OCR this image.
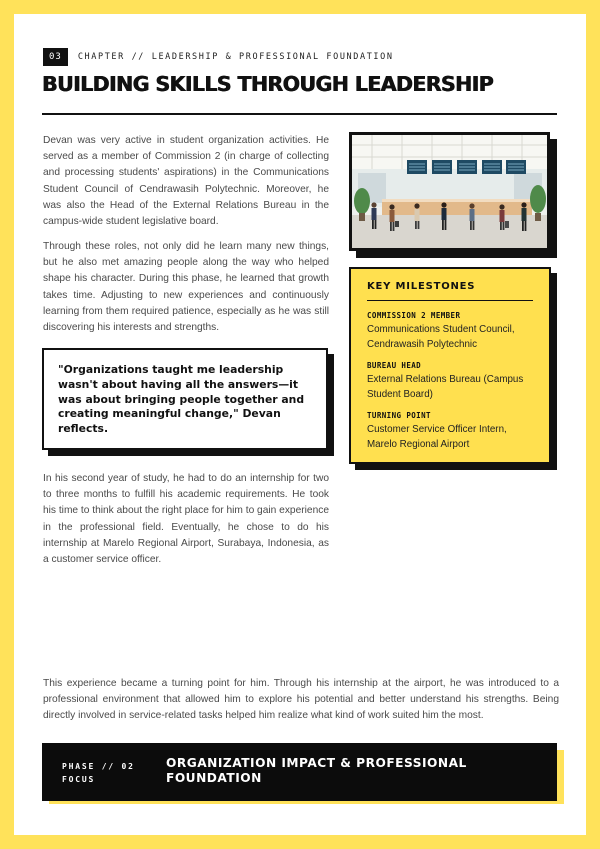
03	CHAPTER // LEADERSHIP & PROFESSIONAL FOUNDATION
BUILDING SKILLS THROUGH LEADERSHIP

Devan was very active in student organization activities. He served as a member of Commission 2 (in charge of collecting and processing students' aspirations) in the Communications Student Council of Cendrawasih Polytechnic. Moreover, he was also the Head of the External Relations Bureau in the campus-wide student legislative board.

Through these roles, not only did he learn many new things, but he also met amazing people along the way who helped shape his character. During this phase, he learned that growth takes time. Adjusting to new experiences and continuously learning from them required patience, especially as he was still discovering his interests and strengths.

"Organizations taught me leadership wasn't about having all the answers—it was about bringing people together and creating meaningful change," Devan reflects.

In his second year of study, he had to do an internship for two to three months to fulfill his academic requirements. He took his time to think about the right place for him to gain experience in the professional field. Eventually, he chose to do his internship at Marelo Regional Airport, Surabaya, Indonesia, as a customer service officer.

KEY MILESTONES
COMMISSION 2 MEMBER
Communications Student Council, Cendrawasih Polytechnic
BUREAU HEAD
External Relations Bureau (Campus Student Board)
TURNING POINT
Customer Service Officer Intern, Marelo Regional Airport

This experience became a turning point for him. Through his internship at the airport, he was introduced to a professional environment that allowed him to explore his potential and better understand his strengths. Being directly involved in service-related tasks helped him realize what kind of work suited him the most.

PHASE // 02
FOCUS
ORGANIZATION IMPACT & PROFESSIONAL FOUNDATION
